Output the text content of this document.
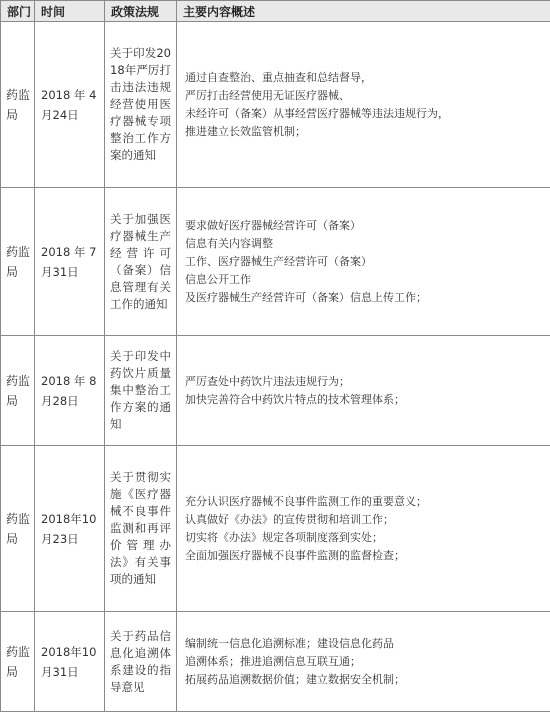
部门	时间	政策法规	主要内容概述
药监局	2018 年 4 月24日	关于印发2018年严厉打击违法违规经营使用医疗器械专项整治工作方案的通知	通过自查整治、重点抽查和总结督导，
严厉打击经营使用无证医疗器械、
未经许可（备案）从事经营医疗器械等违法违规行为，
推进建立长效监管机制；

药监局	2018 年 7 月31日	关于加强医疗器械生产经营许可（备案）信息管理有关工作的通知	要求做好医疗器械经营许可（备案）
信息有关内容调整
工作、医疗器械生产经营许可（备案）
信息公开工作
及医疗器械生产经营许可（备案）信息上传工作；

药监局	2018 年 8 月28日	关于印发中药饮片质量集中整治工作方案的通知	严厉查处中药饮片违法违规行为；
加快完善符合中药饮片特点的技术管理体系；

药监局	2018年10月23日	关于贯彻实施《医疗器械不良事件监测和再评价管理办法》有关事项的通知	充分认识医疗器械不良事件监测工作的重要意义；
认真做好《办法》的宣传贯彻和培训工作；
切实将《办法》规定各项制度落到实处；
全面加强医疗器械不良事件监测的监督检查；

药监局	2018年10月31日	关于药品信息化追溯体系建设的指导意见	编制统一信息化追溯标准；建设信息化药品
追溯体系；推进追溯信息互联互通；
拓展药品追溯数据价值；建立数据安全机制；
